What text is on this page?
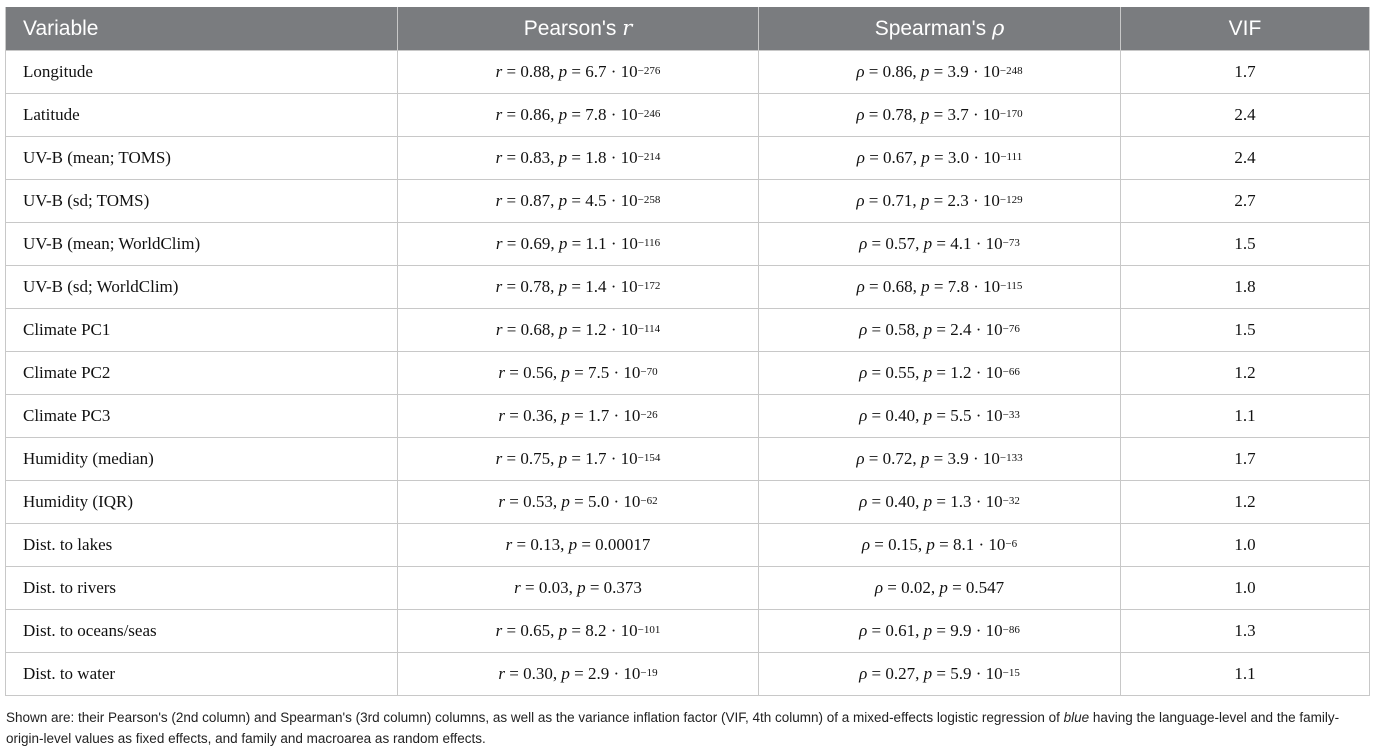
Variable	Pearson's r	Spearman's ρ	VIF
Longitude	r = 0.88, $p = 6.7 \cdot 10^{-276}$	ρ = 0.86, $p = 3.9 \cdot 10^{-248}$	1.7
Latitude	r = 0.86, $p = 7.8 \cdot 10^{-246}$	ρ = 0.78, $p = 3.7 \cdot 10^{-170}$	2.4
UV-B (mean; TOMS)	r = 0.83, $p = 1.8 \cdot 10^{-214}$	ρ = 0.67, $p = 3.0 \cdot 10^{-111}$	2.4
UV-B (sd; TOMS)	r = 0.87, $p = 4.5 \cdot 10^{-258}$	ρ = 0.71, $p = 2.3 \cdot 10^{-129}$	2.7
UV-B (mean; WorldClim)	r = 0.69, $p = 1.1 \cdot 10^{-116}$	ρ = 0.57, $p = 4.1 \cdot 10^{-73}$	1.5
UV-B (sd; WorldClim)	r = 0.78, $p = 1.4 \cdot 10^{-172}$	ρ = 0.68, $p = 7.8 \cdot 10^{-115}$	1.8
Climate PC1	r = 0.68, $p = 1.2 \cdot 10^{-114}$	ρ = 0.58, $p = 2.4 \cdot 10^{-76}$	1.5
Climate PC2	r = 0.56, $p = 7.5 \cdot 10^{-70}$	ρ = 0.55, $p = 1.2 \cdot 10^{-66}$	1.2
Climate PC3	r = 0.36, $p = 1.7 \cdot 10^{-26}$	ρ = 0.40, $p = 5.5 \cdot 10^{-33}$	1.1
Humidity (median)	r = 0.75, $p = 1.7 \cdot 10^{-154}$	ρ = 0.72, $p = 3.9 \cdot 10^{-133}$	1.7
Humidity (IQR)	r = 0.53, $p = 5.0 \cdot 10^{-62}$	ρ = 0.40, $p = 1.3 \cdot 10^{-32}$	1.2
Dist. to lakes	r = 0.13, p = 0.00017	ρ = 0.15, $p = 8.1 \cdot 10^{-6}$	1.0
Dist. to rivers	r = 0.03, p = 0.373	ρ = 0.02, p = 0.547	1.0
Dist. to oceans/seas	r = 0.65, $p = 8.2 \cdot 10^{-101}$	ρ = 0.61, $p = 9.9 \cdot 10^{-86}$	1.3
Dist. to water	r = 0.30, $p = 2.9 \cdot 10^{-19}$	ρ = 0.27, $p = 5.9 \cdot 10^{-15}$	1.1
Shown are: their Pearson's (2nd column) and Spearman's (3rd column) columns, as well as the variance inflation factor (VIF, 4th column) of a mixed-effects logistic regression of blue having the language-level and the family-origin-level values as fixed effects, and family and macroarea as random effects.
